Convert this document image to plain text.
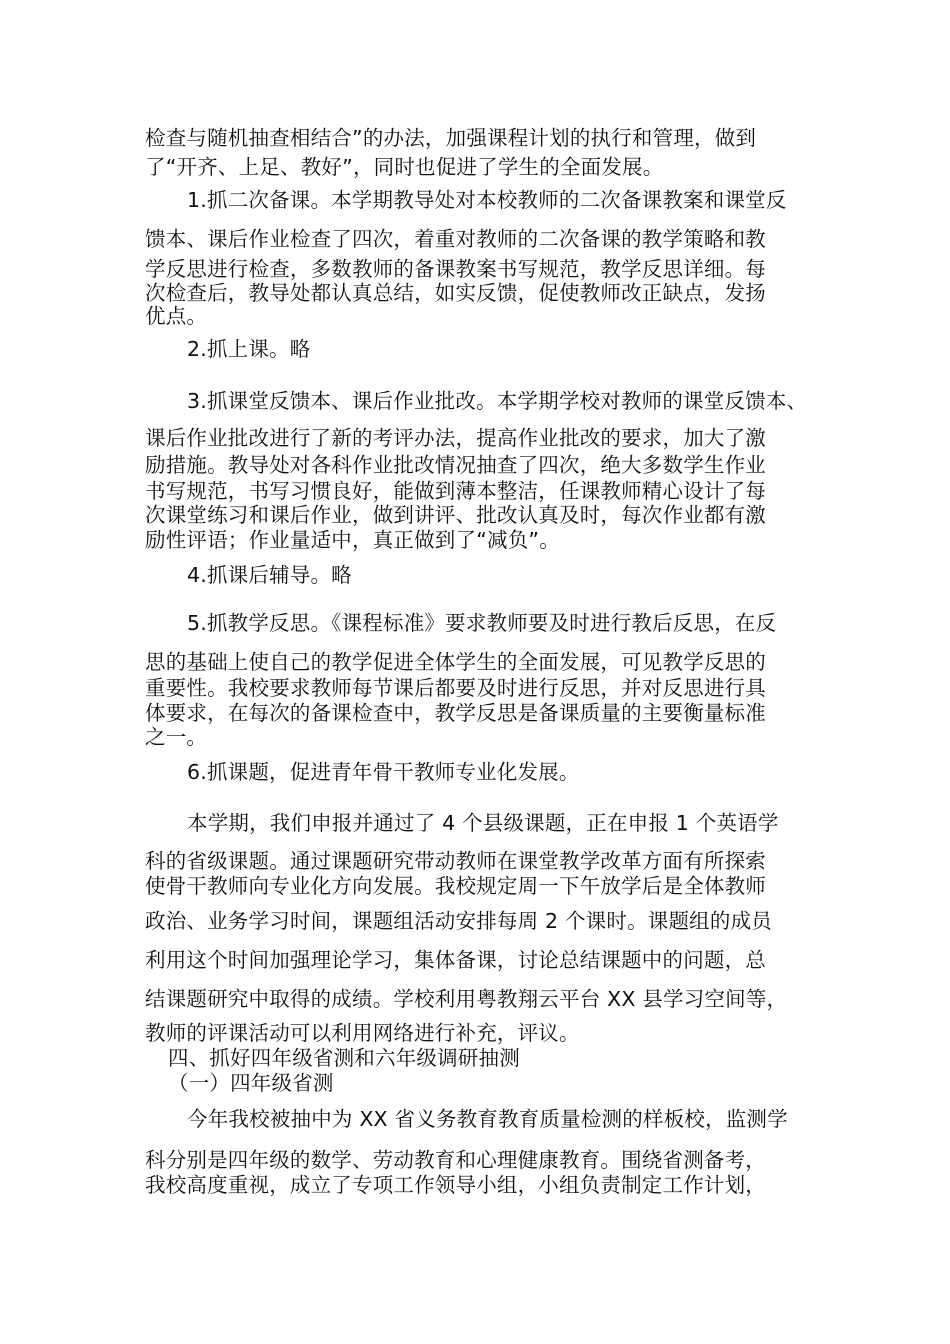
检查与随机抽查相结合”的办法，加强课程计划的执行和管理，做到
了“开齐、上足、教好”，同时也促进了学生的全面发展。
1.抓二次备课。本学期教导处对本校教师的二次备课教案和课堂反
馈本、课后作业检查了四次，着重对教师的二次备课的教学策略和教
学反思进行检查，多数教师的备课教案书写规范，教学反思详细。每
次检查后，教导处都认真总结，如实反馈，促使教师改正缺点，发扬
优点。
2.抓上课。略
3.抓课堂反馈本、课后作业批改。本学期学校对教师的课堂反馈本、
课后作业批改进行了新的考评办法，提高作业批改的要求，加大了激
励措施。教导处对各科作业批改情况抽查了四次，绝大多数学生作业
书写规范，书写习惯良好，能做到薄本整洁，任课教师精心设计了每
次课堂练习和课后作业，做到讲评、批改认真及时，每次作业都有激
励性评语；作业量适中，真正做到了“减负”。
4.抓课后辅导。略
5.抓教学反思。《课程标准》要求教师要及时进行教后反思，在反
思的基础上使自己的教学促进全体学生的全面发展，可见教学反思的
重要性。我校要求教师每节课后都要及时进行反思，并对反思进行具
体要求，在每次的备课检查中，教学反思是备课质量的主要衡量标准
之一。
6.抓课题，促进青年骨干教师专业化发展。
本学期，我们申报并通过了 4 个县级课题，正在申报 1 个英语学
科的省级课题。通过课题研究带动教师在课堂教学改革方面有所探索
使骨干教师向专业化方向发展。我校规定周一下午放学后是全体教师
政治、业务学习时间，课题组活动安排每周 2 个课时。课题组的成员
利用这个时间加强理论学习，集体备课，讨论总结课题中的问题，总
结课题研究中取得的成绩。学校利用粤教翔云平台 XX 县学习空间等，
教师的评课活动可以利用网络进行补充，评议。
四、抓好四年级省测和六年级调研抽测
（一）四年级省测
今年我校被抽中为 XX 省义务教育教育质量检测的样板校，监测学
科分别是四年级的数学、劳动教育和心理健康教育。围绕省测备考，
我校高度重视，成立了专项工作领导小组，小组负责制定工作计划，
